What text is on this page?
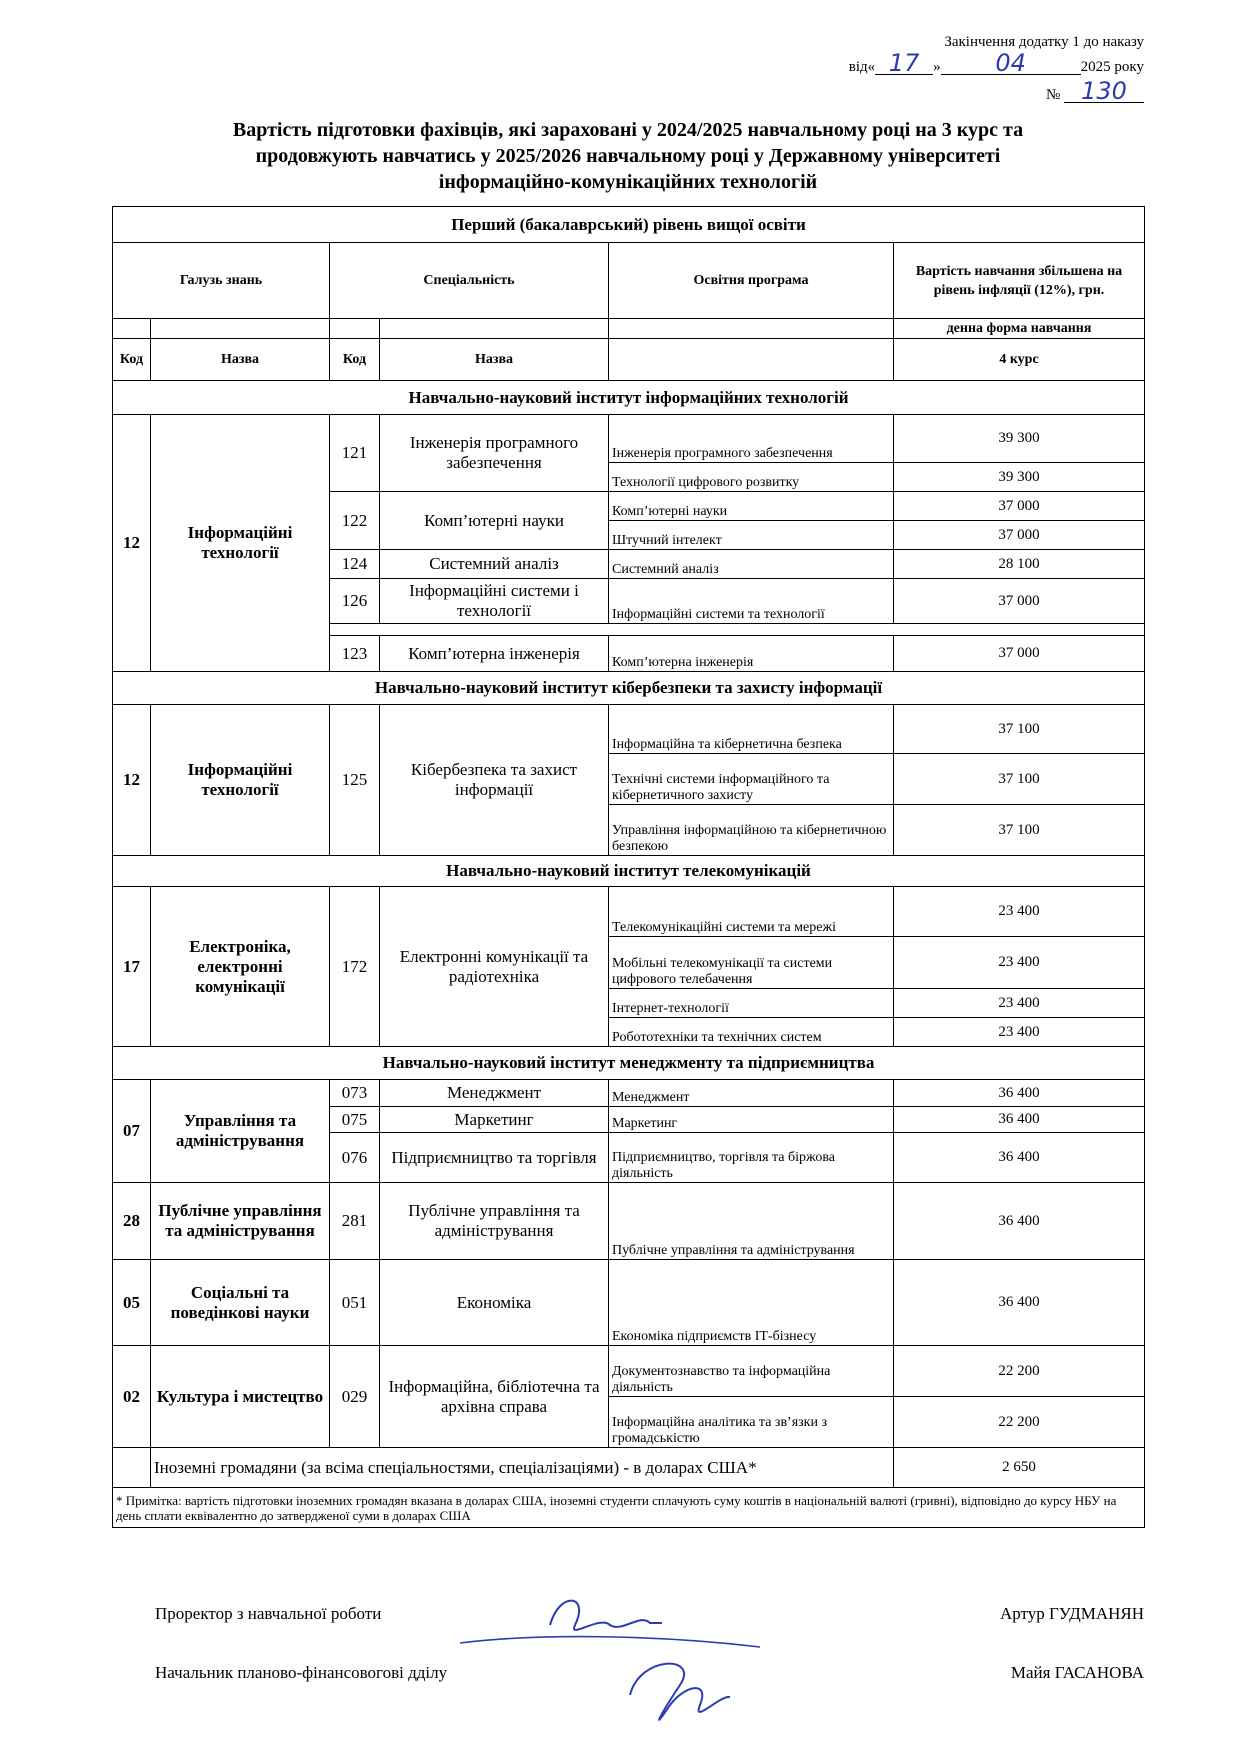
Закінчення додатку 1 до наказу
від« 17 » 04	2025 року
№ 130
Вартість підготовки фахівців, які зараховані у 2024/2025 навчальному році на 3 курс та
продовжують навчатись у 2025/2026 навчальному році у Державному університеті
інформаційно-комунікаційних технологій
Перший (бакалаврський) рівень вищої освіти					
Галузь знань		Спеціальність		Освітня програма	Вартість навчання збільшена на рівень інфляції (12%), грн.
					денна форма навчання
Код	Назва	Код	Назва		4 курс
Навчально-науковий інститут інформаційних технологій					
12	Інформаційні технології	121	Інженерія програмного забезпечення	Інженерія програмного забезпечення	39 300
				Технології цифрового розвитку	39 300
		122	Комп’ютерні науки	Комп’ютерні науки	37 000
				Штучний інтелект	37 000
		124	Системний аналіз	Системний аналіз	28 100
		126	Інформаційні системи і технології	Інформаційні системи та технології	37 000

		123	Комп’ютерна інженерія	Комп’ютерна інженерія	37 000
Навчально-науковий інститут кібербезпеки та захисту інформації					
12	Інформаційні технології	125	Кібербезпека та захист інформації	Інформаційна та кібернетична безпека	37 100
				Технічні системи інформаційного та кібернетичного захисту	37 100
				Управління інформаційною та кібернетичною безпекою	37 100
Навчально-науковий інститут телекомунікацій					
17	Електроніка, електронні комунікації	172	Електронні комунікації та радіотехніка	Телекомунікаційні системи та мережі	23 400
				Мобільні телекомунікації та системи цифрового телебачення	23 400
				Інтернет-технології	23 400
				Робототехніки та технічних систем	23 400
Навчально-науковий інститут менеджменту та підприємництва					
07	Управління та адміністрування	073	Менеджмент	Менеджмент	36 400
		075	Маркетинг	Маркетинг	36 400
		076	Підприємництво та торгівля	Підприємництво, торгівля та біржова діяльність	36 400
28	Публічне управління та адміністрування	281	Публічне управління та адміністрування	Публічне управління та адміністрування	36 400
05	Соціальні та поведінкові науки	051	Економіка	Економіка підприємств ІТ-бізнесу	36 400
02	Культура і мистецтво	029	Інформаційна, бібліотечна та архівна справа	Документознавство та інформаційна діяльність	22 200
				Інформаційна аналітика та зв’язки з громадськістю	22 200
	Іноземні громадяни (за всіма спеціальностями, спеціалізаціями) - в доларах США*				2 650
* Примітка: вартість підготовки іноземних громадян вказана в доларах США, іноземні студенти сплачують суму коштів в національній валюті (гривні), відповідно до курсу НБУ на день сплати еквівалентно до затвердженої суми в доларах США					
Проректор з навчальної роботи	Артур ГУДМАНЯН
Начальник планово-фінансовогові дділу	Майя ГАСАНОВА
